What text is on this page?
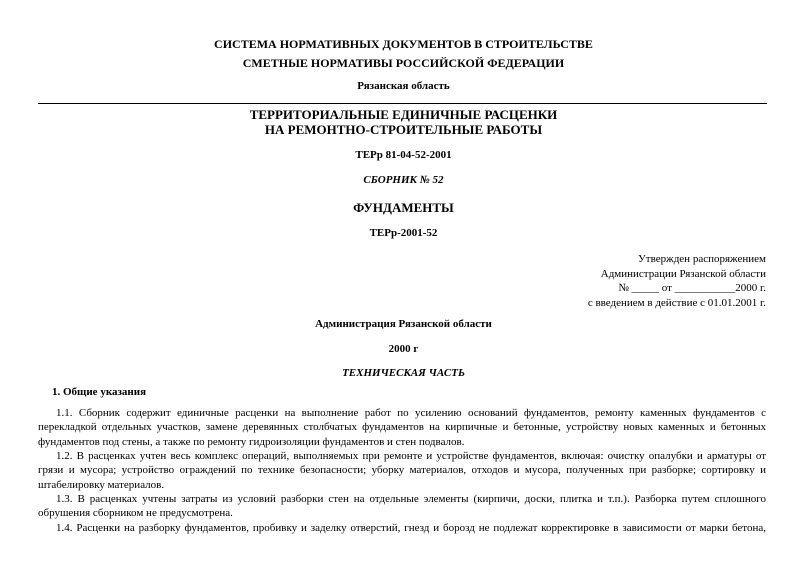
СИСТЕМА НОРМАТИВНЫХ ДОКУМЕНТОВ В СТРОИТЕЛЬСТВЕ
СМЕТНЫЕ НОРМАТИВЫ РОССИЙСКОЙ ФЕДЕРАЦИИ
Рязанская область
ТЕРРИТОРИАЛЬНЫЕ ЕДИНИЧНЫЕ РАСЦЕНКИ
НА РЕМОНТНО-СТРОИТЕЛЬНЫЕ РАБОТЫ
ТЕРр 81-04-52-2001
СБОРНИК № 52
ФУНДАМЕНТЫ
ТЕРр-2001-52
Утвержден распоряжением
Администрации Рязанской области
№ _____ от ___________2000 г.
с введением в действие с 01.01.2001 г.
Администрация Рязанской области
2000 г
ТЕХНИЧЕСКАЯ ЧАСТЬ
1. Общие указания
1.1. Сборник содержит единичные расценки на выполнение работ по усилению оснований фундаментов, ремонту каменных фундаментов с
перекладкой отдельных участков, замене деревянных столбчатых фундаментов на кирпичные и бетонные, устройству новых каменных и бетонных
фундаментов под стены, а также по ремонту гидроизоляции фундаментов и стен подвалов.
1.2. В расценках учтен весь комплекс операций, выполняемых при ремонте и устройстве фундаментов, включая: очистку опалубки и арматуры от
грязи и мусора; устройство ограждений по технике безопасности; уборку материалов, отходов и мусора, полученных при разборке; сортировку и
штабелировку материалов.
1.3. В расценках учтены затраты из условий разборки стен на отдельные элементы (кирпичи, доски, плитка и т.п.). Разборка путем сплошного
обрушения сборником не предусмотрена.
1.4. Расценки на разборку фундаментов, пробивку и заделку отверстий, гнезд и борозд не подлежат корректировке в зависимости от марки бетона,
